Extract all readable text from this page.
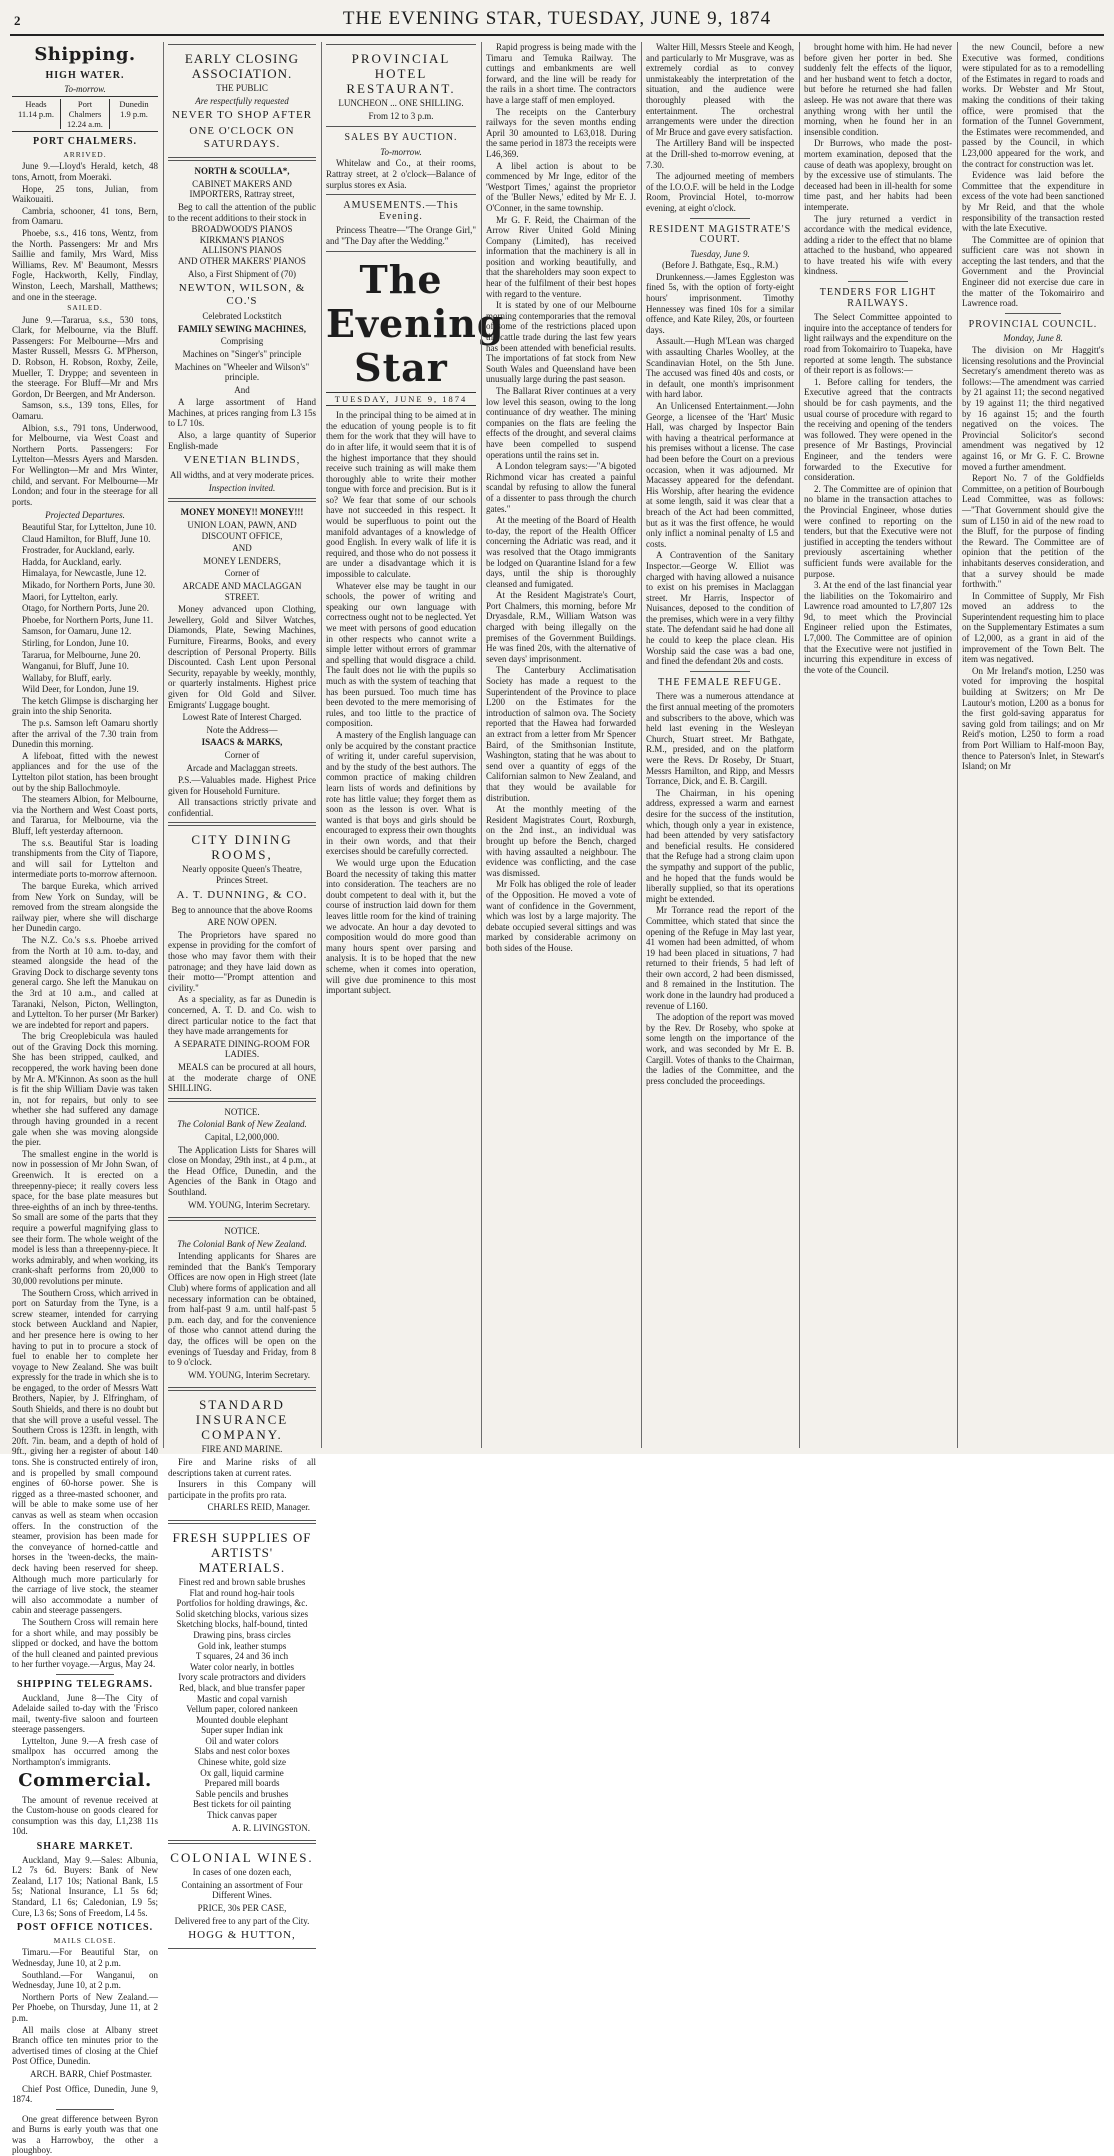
2	THE EVENING STAR, TUESDAY, JUNE 9, 1874
Shipping.
HIGH WATER.
To-morrow.
Heads
11.14 p.m.
Port Chalmers
12.24 a.m.
Dunedin
1.9 p.m.
PORT CHALMERS.
ARRIVED.

June 9.—Lloyd's Herald, ketch, 48 tons, Arnott, from Moeraki.

Hope, 25 tons, Julian, from Waikouaiti.

Cambria, schooner, 41 tons, Bern, from Oamaru.

Phoebe, s.s., 416 tons, Wentz, from the North. Passengers: Mr and Mrs Saillie and family, Mrs Ward, Miss Williams, Rev. M' Beaumont, Messrs Fogle, Hackworth, Kelly, Findlay, Winston, Leech, Marshall, Matthews; and one in the steerage.

SAILED.

June 9.—Tararua, s.s., 530 tons, Clark, for Melbourne, via the Bluff. Passengers: For Melbourne—Mrs and Master Russell, Messrs G. M'Pherson, D. Robson, H. Robson, Roxby, Zeile, Mueller, T. Dryppe; and seventeen in the steerage. For Bluff—Mr and Mrs Gordon, Dr Beergen, and Mr Anderson.

Samson, s.s., 139 tons, Elles, for Oamaru.

Albion, s.s., 791 tons, Underwood, for Melbourne, via West Coast and Northern Ports. Passengers: For Lyttelton—Messrs Ayers and Marsden. For Wellington—Mr and Mrs Winter, child, and servant. For Melbourne—Mr London; and four in the steerage for all ports.

Projected Departures.
Beautiful Star, for Lyttelton, June 10.
Claud Hamilton, for Bluff, June 10.
Frostrader, for Auckland, early.
Hadda, for Auckland, early.
Himalaya, for Newcastle, June 12.
Mikado, for Northern Ports, June 30.
Maori, for Lyttelton, early.
Otago, for Northern Ports, June 20.
Phoebe, for Northern Ports, June 11.
Samson, for Oamaru, June 12.
Stirling, for London, June 10.
Tararua, for Melbourne, June 20.
Wanganui, for Bluff, June 10.
Wallaby, for Bluff, early.
Wild Deer, for London, June 19.

The ketch Glimpse is discharging her grain into the ship Senorita.

The p.s. Samson left Oamaru shortly after the arrival of the 7.30 train from Dunedin this morning.

A lifeboat, fitted with the newest appliances and for the use of the Lyttelton pilot station, has been brought out by the ship Ballochmoyle.

The steamers Albion, for Melbourne, via the Northern and West Coast ports, and Tararua, for Melbourne, via the Bluff, left yesterday afternoon.

The s.s. Beautiful Star is loading transhipments from the City of Tiapore, and will sail for Lyttelton and intermediate ports to-morrow afternoon.

The barque Eureka, which arrived from New York on Sunday, will be removed from the stream alongside the railway pier, where she will discharge her Dunedin cargo.

The N.Z. Co.'s s.s. Phoebe arrived from the North at 10 a.m. to-day, and steamed alongside the head of the Graving Dock to discharge seventy tons general cargo. She left the Manukau on the 3rd at 10 a.m., and called at Taranaki, Nelson, Picton, Wellington, and Lyttelton. To her purser (Mr Barker) we are indebted for report and papers.

The brig Creoplebicula was hauled out of the Graving Dock this morning. She has been stripped, caulked, and recoppered, the work having been done by Mr A. M'Kinnon. As soon as the hull is fit the ship William Davie was taken in, not for repairs, but only to see whether she had suffered any damage through having grounded in a recent gale when she was moving alongside the pier.

The smallest engine in the world is now in possession of Mr John Swan, of Greenwich. It is erected on a threepenny-piece; it really covers less space, for the base plate measures but three-eighths of an inch by three-tenths. So small are some of the parts that they require a powerful magnifying glass to see their form. The whole weight of the model is less than a threepenny-piece. It works admirably, and when working, its crank-shaft performs from 20,000 to 30,000 revolutions per minute.

The Southern Cross, which arrived in port on Saturday from the Tyne, is a screw steamer, intended for carrying stock between Auckland and Napier, and her presence here is owing to her having to put in to procure a stock of fuel to enable her to complete her voyage to New Zealand. She was built expressly for the trade in which she is to be engaged, to the order of Messrs Watt Brothers, Napier, by J. Elfringham, of South Shields, and there is no doubt but that she will prove a useful vessel. The Southern Cross is 123ft. in length, with 20ft. 7in. beam, and a depth of hold of 9ft., giving her a register of about 140 tons. She is constructed entirely of iron, and is propelled by small compound engines of 60-horse power. She is rigged as a three-masted schooner, and will be able to make some use of her canvas as well as steam when occasion offers. In the construction of the steamer, provision has been made for the conveyance of horned-cattle and horses in the 'tween-decks, the main-deck having been reserved for sheep. Although much more particularly for the carriage of live stock, the steamer will also accommodate a number of cabin and steerage passengers.

The Southern Cross will remain here for a short while, and may possibly be slipped or docked, and have the bottom of the hull cleaned and painted previous to her further voyage.—Argus, May 24.

SHIPPING TELEGRAMS.

Auckland, June 8—The City of Adelaide sailed to-day with the 'Frisco mail, twenty-five saloon and fourteen steerage passengers.

Lyttelton, June 9.—A fresh case of smallpox has occurred among the Northampton's immigrants.

Commercial.

The amount of revenue received at the Custom-house on goods cleared for consumption was this day, L1,238 11s 10d.

SHARE MARKET.

Auckland, May 9.—Sales: Albunia, L2 7s 6d. Buyers: Bank of New Zealand, L17 10s; National Bank, L5 5s; National Insurance, L1 5s 6d; Standard, L1 6s; Caledonian, L9 5s; Cure, L3 6s; Sons of Freedom, L4 5s.

POST OFFICE NOTICES.
MAILS CLOSE.

Timaru.—For Beautiful Star, on Wednesday, June 10, at 2 p.m.

Southland.—For Wanganui, on Wednesday, June 10, at 2 p.m.

Northern Ports of New Zealand.—Per Phoebe, on Thursday, June 11, at 2 p.m.

All mails close at Albany street Branch office ten minutes prior to the advertised times of closing at the Chief Post Office, Dunedin.

ARCH. BARR, Chief Postmaster.

Chief Post Office, Dunedin, June 9, 1874.

One great difference between Byron and Burns is early youth was that one was a Harrowboy, the other a ploughboy.

EARLY CLOSING ASSOCIATION.
THE PUBLIC
Are respectfully requested
NEVER TO SHOP AFTER
ONE O'CLOCK ON SATURDAYS.
NORTH & SCOULLA*,
CABINET MAKERS AND IMPORTERS, Rattray street,

Beg to call the attention of the public to the recent additions to their stock in

BROADWOOD'S PIANOS
KIRKMAN'S PIANOS
ALLISON'S PIANOS
AND OTHER MAKERS' PIANOS
Also, a First Shipment of (70)
NEWTON, WILSON, & CO.'S
Celebrated Lockstitch
FAMILY SEWING MACHINES,
Comprising
Machines on "Singer's" principle
Machines on "Wheeler and Wilson's" principle.
And

A large assortment of Hand Machines, at prices ranging from L3 15s to L7 10s.

Also, a large quantity of Superior English-made

VENETIAN BLINDS,
All widths, and at very moderate prices.
Inspection invited.
MONEY MONEY!! MONEY!!!
UNION LOAN, PAWN, AND DISCOUNT OFFICE,
AND
MONEY LENDERS,
Corner of
ARCADE AND MACLAGGAN STREET.

Money advanced upon Clothing, Jewellery, Gold and Silver Watches, Diamonds, Plate, Sewing Machines, Furniture, Firearms, Books, and every description of Personal Property. Bills Discounted. Cash Lent upon Personal Security, repayable by weekly, monthly, or quarterly instalments. Highest price given for Old Gold and Silver. Emigrants' Luggage bought.

Lowest Rate of Interest Charged.
Note the Address—
ISAACS & MARKS,
Corner of
Arcade and Maclaggan streets.

P.S.—Valuables made. Highest Price given for Household Furniture.

All transactions strictly private and confidential.

CITY DINING ROOMS,
Nearly opposite Queen's Theatre, Princes Street.
A. T. DUNNING, & CO.
Beg to announce that the above Rooms
ARE NOW OPEN.

The Proprietors have spared no expense in providing for the comfort of those who may favor them with their patronage; and they have laid down as their motto—"Prompt attention and civility."

As a speciality, as far as Dunedin is concerned, A. T. D. and Co. wish to direct particular notice to the fact that they have made arrangements for

A SEPARATE DINING-ROOM FOR LADIES.

MEALS can be procured at all hours, at the moderate charge of ONE SHILLING.

NOTICE.
The Colonial Bank of New Zealand.
Capital, L2,000,000.

The Application Lists for Shares will close on Monday, 29th inst., at 4 p.m., at the Head Office, Dunedin, and the Agencies of the Bank in Otago and Southland.

WM. YOUNG, Interim Secretary.
NOTICE.
The Colonial Bank of New Zealand.

Intending applicants for Shares are reminded that the Bank's Temporary Offices are now open in High street (late Club) where forms of application and all necessary information can be obtained, from half-past 9 a.m. until half-past 5 p.m. each day, and for the convenience of those who cannot attend during the day, the offices will be open on the evenings of Tuesday and Friday, from 8 to 9 o'clock.

WM. YOUNG, Interim Secretary.
STANDARD INSURANCE COMPANY.
FIRE AND MARINE.

Fire and Marine risks of all descriptions taken at current rates.

Insurers in this Company will participate in the profits pro rata.

CHARLES REID, Manager.
FRESH SUPPLIES OF ARTISTS' MATERIALS.
Finest red and brown sable brushes
Flat and round hog-hair tools
Portfolios for holding drawings, &c.
Solid sketching blocks, various sizes
Sketching blocks, half-bound, tinted
Drawing pins, brass circles
Gold ink, leather stumps
T squares, 24 and 36 inch
Water color nearly, in bottles
Ivory scale protractors and dividers
Red, black, and blue transfer paper
Mastic and copal varnish
Vellum paper, colored nankeen
Mounted double elephant
Super super Indian ink
Oil and water colors
Slabs and nest color boxes
Chinese white, gold size
Ox gall, liquid carmine
Prepared mill boards
Sable pencils and brushes
Best tickets for oil painting
Thick canvas paper
A. R. LIVINGSTON.
COLONIAL WINES.
In cases of one dozen each,
Containing an assortment of Four Different Wines.
PRICE, 30s PER CASE,
Delivered free to any part of the City.
HOGG & HUTTON,
PROVINCIAL HOTEL RESTAURANT.
LUNCHEON ... ONE SHILLING.
From 12 to 3 p.m.
SALES BY AUCTION.
To-morrow.

Whitelaw and Co., at their rooms, Rattray street, at 2 o'clock—Balance of surplus stores ex Asia.

AMUSEMENTS.—This Evening.

Princess Theatre—"The Orange Girl," and "The Day after the Wedding."

The Evening Star
TUESDAY, JUNE 9, 1874

In the principal thing to be aimed at in the education of young people is to fit them for the work that they will have to do in after life, it would seem that it is of the highest importance that they should receive such training as will make them thoroughly able to write their mother tongue with force and precision. But is it so? We fear that some of our schools have not succeeded in this respect. It would be superfluous to point out the manifold advantages of a knowledge of good English. In every walk of life it is required, and those who do not possess it are under a disadvantage which it is impossible to calculate.

Whatever else may be taught in our schools, the power of writing and speaking our own language with correctness ought not to be neglected. Yet we meet with persons of good education in other respects who cannot write a simple letter without errors of grammar and spelling that would disgrace a child. The fault does not lie with the pupils so much as with the system of teaching that has been pursued. Too much time has been devoted to the mere memorising of rules, and too little to the practice of composition.

A mastery of the English language can only be acquired by the constant practice of writing it, under careful supervision, and by the study of the best authors. The common practice of making children learn lists of words and definitions by rote has little value; they forget them as soon as the lesson is over. What is wanted is that boys and girls should be encouraged to express their own thoughts in their own words, and that their exercises should be carefully corrected.

We would urge upon the Education Board the necessity of taking this matter into consideration. The teachers are no doubt competent to deal with it, but the course of instruction laid down for them leaves little room for the kind of training we advocate. An hour a day devoted to composition would do more good than many hours spent over parsing and analysis. It is to be hoped that the new scheme, when it comes into operation, will give due prominence to this most important subject.

Rapid progress is being made with the Timaru and Temuka Railway. The cuttings and embankments are well forward, and the line will be ready for the rails in a short time. The contractors have a large staff of men employed.

The receipts on the Canterbury railways for the seven months ending April 30 amounted to L63,018. During the same period in 1873 the receipts were L46,369.

A libel action is about to be commenced by Mr Inge, editor of the 'Westport Times,' against the proprietor of the 'Buller News,' edited by Mr E. J. O'Conner, in the same township.

Mr G. F. Reid, the Chairman of the Arrow River United Gold Mining Company (Limited), has received information that the machinery is all in position and working beautifully, and that the shareholders may soon expect to hear of the fulfilment of their best hopes with regard to the venture.

It is stated by one of our Melbourne morning contemporaries that the removal of some of the restrictions placed upon the cattle trade during the last few years has been attended with beneficial results. The importations of fat stock from New South Wales and Queensland have been unusually large during the past season.

The Ballarat River continues at a very low level this season, owing to the long continuance of dry weather. The mining companies on the flats are feeling the effects of the drought, and several claims have been compelled to suspend operations until the rains set in.

A London telegram says:—"A bigoted Richmond vicar has created a painful scandal by refusing to allow the funeral of a dissenter to pass through the church gates."

At the meeting of the Board of Health to-day, the report of the Health Officer concerning the Adriatic was read, and it was resolved that the Otago immigrants be lodged on Quarantine Island for a few days, until the ship is thoroughly cleansed and fumigated.

At the Resident Magistrate's Court, Port Chalmers, this morning, before Mr Dryasdale, R.M., William Watson was charged with being illegally on the premises of the Government Buildings. He was fined 20s, with the alternative of seven days' imprisonment.

The Canterbury Acclimatisation Society has made a request to the Superintendent of the Province to place L200 on the Estimates for the introduction of salmon ova. The Society reported that the Hawea had forwarded an extract from a letter from Mr Spencer Baird, of the Smithsonian Institute, Washington, stating that he was about to send over a quantity of eggs of the Californian salmon to New Zealand, and that they would be available for distribution.

At the monthly meeting of the Resident Magistrates Court, Roxburgh, on the 2nd inst., an individual was brought up before the Bench, charged with having assaulted a neighbour. The evidence was conflicting, and the case was dismissed.

Mr Folk has obliged the role of leader of the Opposition. He moved a vote of want of confidence in the Government, which was lost by a large majority. The debate occupied several sittings and was marked by considerable acrimony on both sides of the House.

Walter Hill, Messrs Steele and Keogh, and particularly to Mr Musgrave, was as extremely cordial as to convey unmistakeably the interpretation of the situation, and the audience were thoroughly pleased with the entertainment. The orchestral arrangements were under the direction of Mr Bruce and gave every satisfaction.

The Artillery Band will be inspected at the Drill-shed to-morrow evening, at 7.30.

The adjourned meeting of members of the I.O.O.F. will be held in the Lodge Room, Provincial Hotel, to-morrow evening, at eight o'clock.

RESIDENT MAGISTRATE'S COURT.
Tuesday, June 9.
(Before J. Bathgate, Esq., R.M.)

Drunkenness.—James Eggleston was fined 5s, with the option of forty-eight hours' imprisonment. Timothy Hennessey was fined 10s for a similar offence, and Kate Riley, 20s, or fourteen days.

Assault.—Hugh M'Lean was charged with assaulting Charles Woolley, at the Scandinavian Hotel, on the 5th June. The accused was fined 40s and costs, or in default, one month's imprisonment with hard labor.

An Unlicensed Entertainment.—John George, a licensee of the 'Hart' Music Hall, was charged by Inspector Bain with having a theatrical performance at his premises without a license. The case had been before the Court on a previous occasion, when it was adjourned. Mr Macassey appeared for the defendant. His Worship, after hearing the evidence at some length, said it was clear that a breach of the Act had been committed, but as it was the first offence, he would only inflict a nominal penalty of L5 and costs.

A Contravention of the Sanitary Inspector.—George W. Elliot was charged with having allowed a nuisance to exist on his premises in Maclaggan street. Mr Harris, Inspector of Nuisances, deposed to the condition of the premises, which were in a very filthy state. The defendant said he had done all he could to keep the place clean. His Worship said the case was a bad one, and fined the defendant 20s and costs.

THE FEMALE REFUGE.

There was a numerous attendance at the first annual meeting of the promoters and subscribers to the above, which was held last evening in the Wesleyan Church, Stuart street. Mr Bathgate, R.M., presided, and on the platform were the Revs. Dr Roseby, Dr Stuart, Messrs Hamilton, and Ripp, and Messrs Torrance, Dick, and E. B. Cargill.

The Chairman, in his opening address, expressed a warm and earnest desire for the success of the institution, which, though only a year in existence, had been attended by very satisfactory and beneficial results. He considered that the Refuge had a strong claim upon the sympathy and support of the public, and he hoped that the funds would be liberally supplied, so that its operations might be extended.

Mr Torrance read the report of the Committee, which stated that since the opening of the Refuge in May last year, 41 women had been admitted, of whom 19 had been placed in situations, 7 had returned to their friends, 5 had left of their own accord, 2 had been dismissed, and 8 remained in the Institution. The work done in the laundry had produced a revenue of L160.

The adoption of the report was moved by the Rev. Dr Roseby, who spoke at some length on the importance of the work, and was seconded by Mr E. B. Cargill. Votes of thanks to the Chairman, the ladies of the Committee, and the press concluded the proceedings.

brought home with him. He had never before given her porter in bed. She suddenly felt the effects of the liquor, and her husband went to fetch a doctor, but before he returned she had fallen asleep. He was not aware that there was anything wrong with her until the morning, when he found her in an insensible condition.

Dr Burrows, who made the post-mortem examination, deposed that the cause of death was apoplexy, brought on by the excessive use of stimulants. The deceased had been in ill-health for some time past, and her habits had been intemperate.

The jury returned a verdict in accordance with the medical evidence, adding a rider to the effect that no blame attached to the husband, who appeared to have treated his wife with every kindness.

TENDERS FOR LIGHT RAILWAYS.

The Select Committee appointed to inquire into the acceptance of tenders for light railways and the expenditure on the road from Tokomairiro to Tuapeka, have reported at some length. The substance of their report is as follows:—

1. Before calling for tenders, the Executive agreed that the contracts should be for cash payments, and the usual course of procedure with regard to the receiving and opening of the tenders was followed. They were opened in the presence of Mr Bastings, Provincial Engineer, and the tenders were forwarded to the Executive for consideration.

2. The Committee are of opinion that no blame in the transaction attaches to the Provincial Engineer, whose duties were confined to reporting on the tenders, but that the Executive were not justified in accepting the tenders without previously ascertaining whether sufficient funds were available for the purpose.

3. At the end of the last financial year the liabilities on the Tokomairiro and Lawrence road amounted to L7,807 12s 9d, to meet which the Provincial Engineer relied upon the Estimates, L7,000. The Committee are of opinion that the Executive were not justified in incurring this expenditure in excess of the vote of the Council.

the new Council, before a new Executive was formed, conditions were stipulated for as to a remodelling of the Estimates in regard to roads and works. Dr Webster and Mr Stout, making the conditions of their taking office, were promised that the formation of the Tunnel Government, the Estimates were recommended, and passed by the Council, in which L23,000 appeared for the work, and the contract for construction was let.

Evidence was laid before the Committee that the expenditure in excess of the vote had been sanctioned by Mr Reid, and that the whole responsibility of the transaction rested with the late Executive.

The Committee are of opinion that sufficient care was not shown in accepting the last tenders, and that the Government and the Provincial Engineer did not exercise due care in the matter of the Tokomairiro and Lawrence road.

PROVINCIAL COUNCIL.
Monday, June 8.

The division on Mr Haggitt's licensing resolutions and the Provincial Secretary's amendment thereto was as follows:—The amendment was carried by 21 against 11; the second negatived by 19 against 11; the third negatived by 16 against 15; and the fourth negatived on the voices. The Provincial Solicitor's second amendment was negatived by 12 against 16, or Mr G. F. C. Browne moved a further amendment.

Report No. 7 of the Goldfields Committee, on a petition of Bourbough Lead Committee, was as follows:—"That Government should give the sum of L150 in aid of the new road to the Bluff, for the purpose of finding the Reward. The Committee are of opinion that the petition of the inhabitants deserves consideration, and that a survey should be made forthwith."

In Committee of Supply, Mr Fish moved an address to the Superintendent requesting him to place on the Supplementary Estimates a sum of L2,000, as a grant in aid of the improvement of the Town Belt. The item was negatived.

On Mr Ireland's motion, L250 was voted for improving the hospital building at Switzers; on Mr De Lautour's motion, L200 as a bonus for the first gold-saving apparatus for saving gold from tailings; and on Mr Reid's motion, L250 to form a road from Port William to Half-moon Bay, thence to Paterson's Inlet, in Stewart's Island; on Mr
